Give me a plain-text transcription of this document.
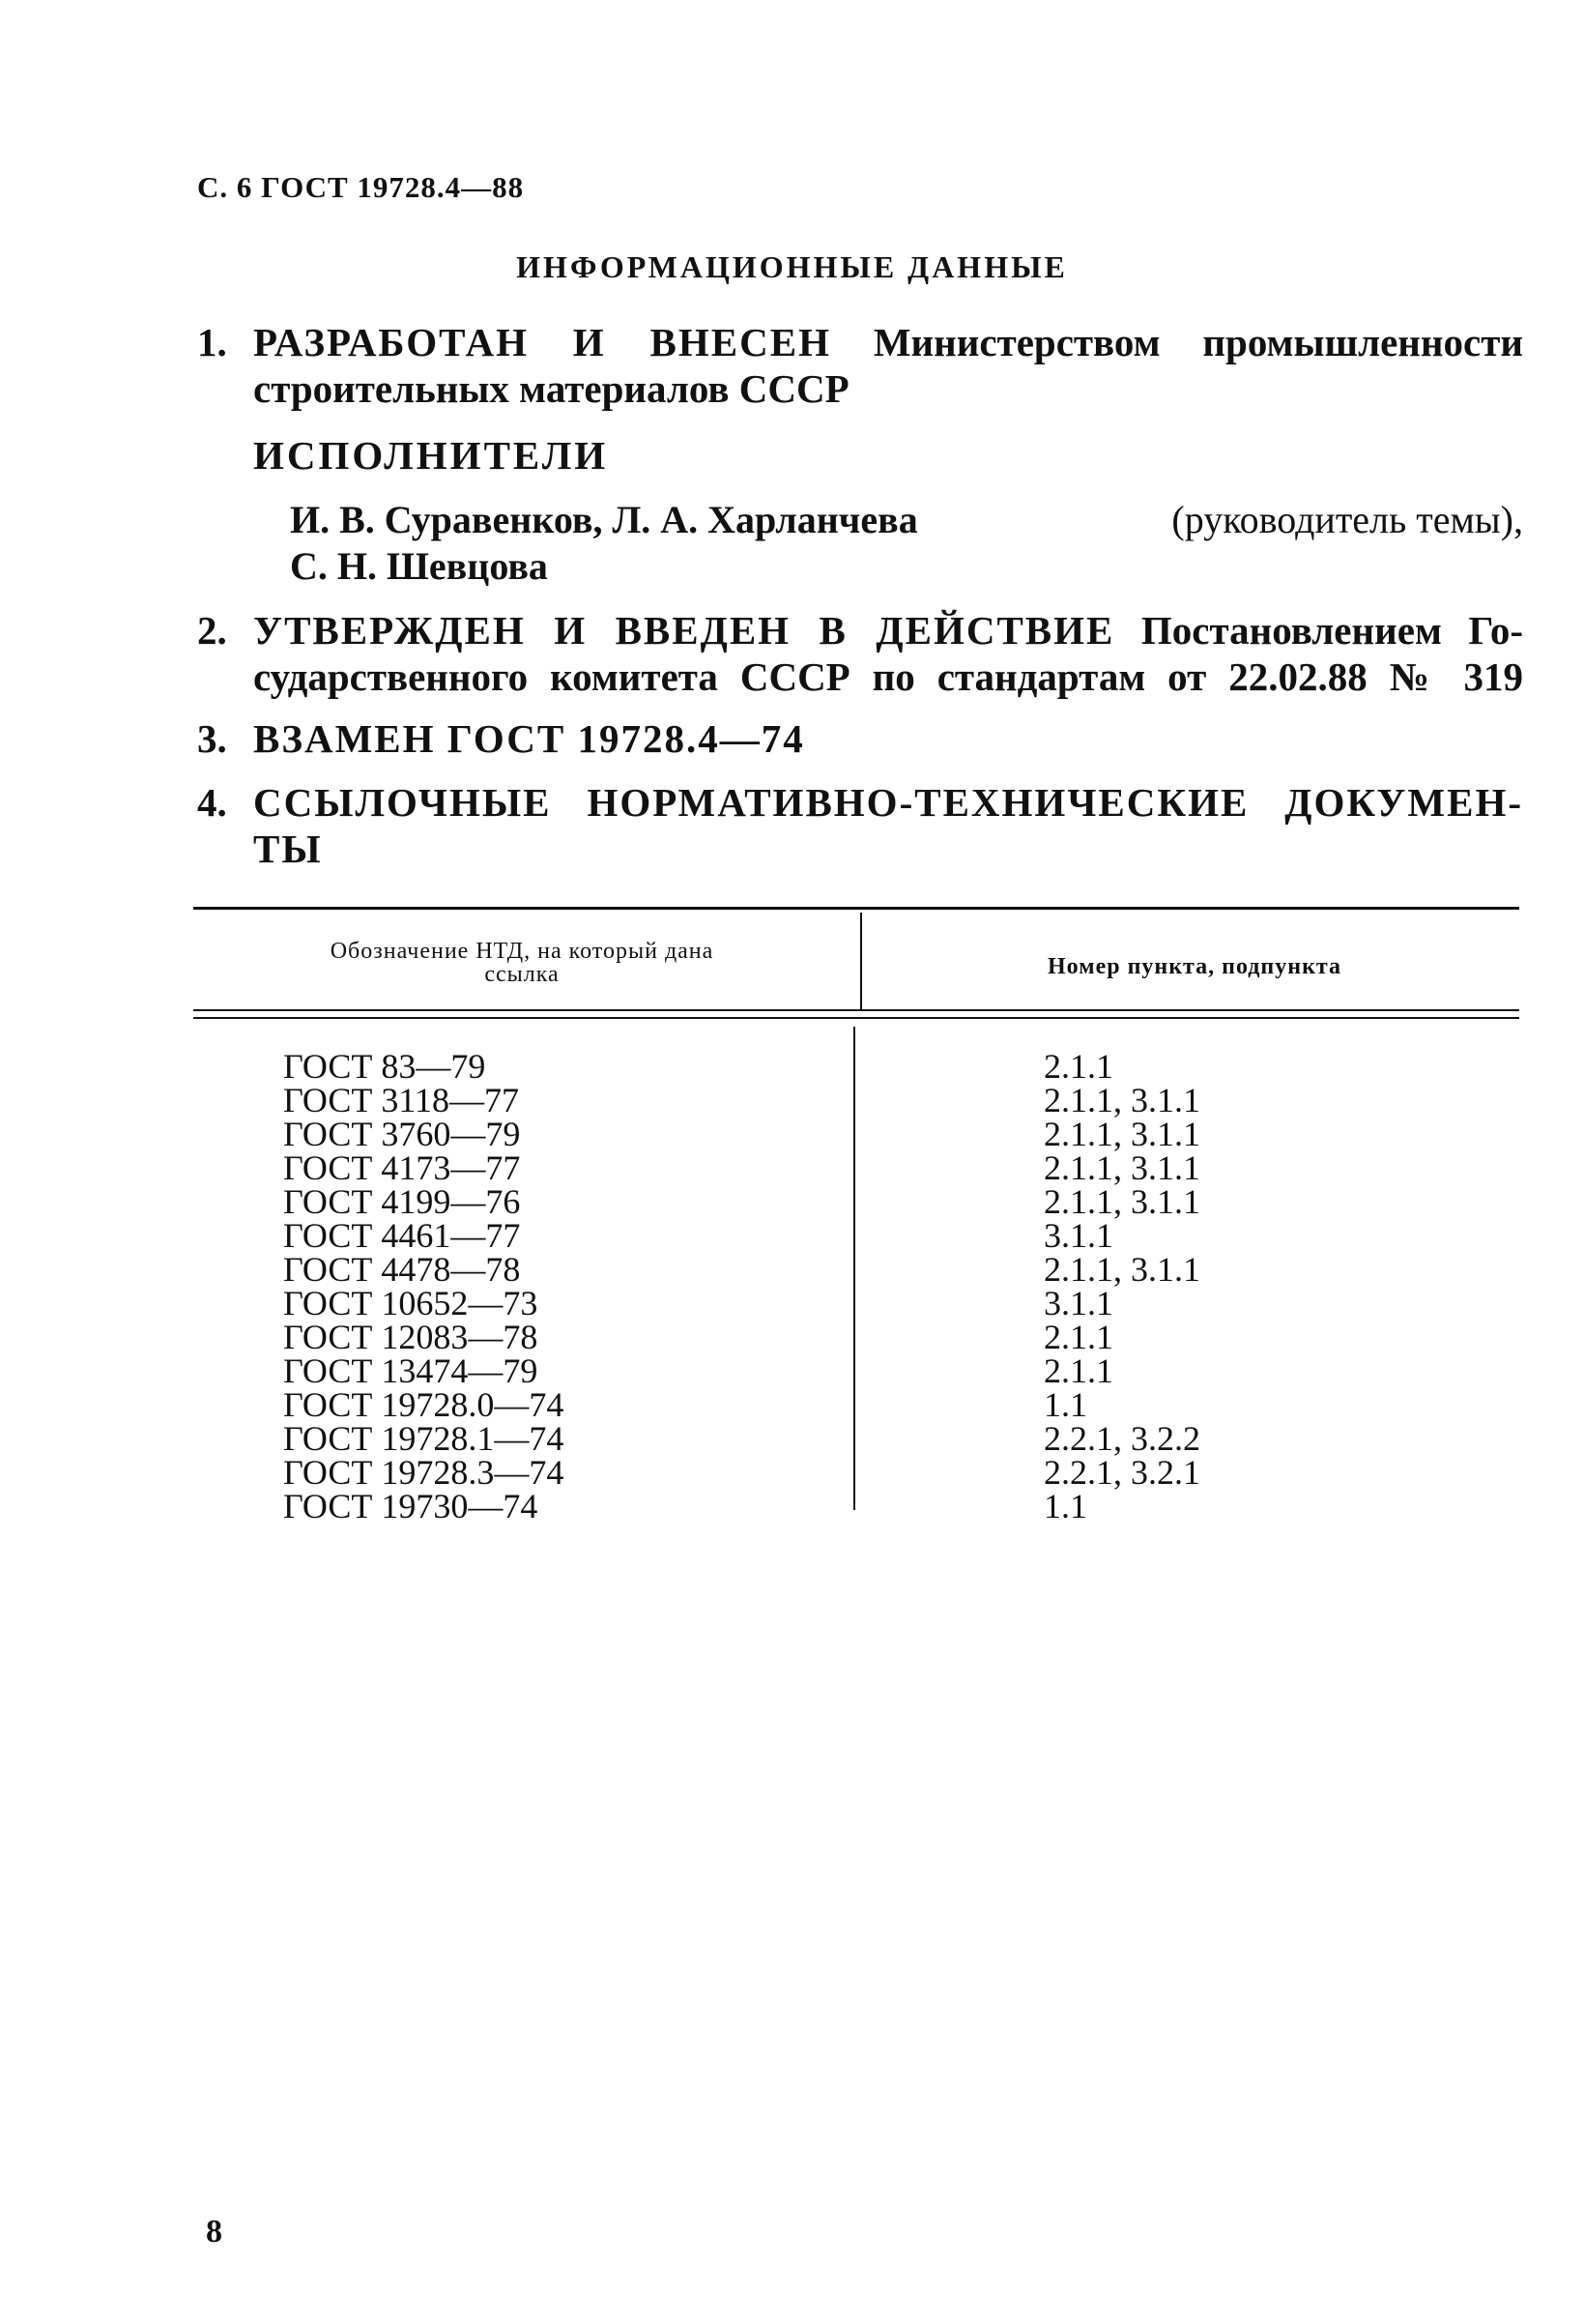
С. 6 ГОСТ 19728.4—88
ИНФОРМАЦИОННЫЕ ДАННЫЕ
1. РАЗРАБОТАН И ВНЕСЕН Министерством промышленности
строительных материалов СССР
ИСПОЛНИТЕЛИ
И. В. Суравенков, Л. А. Харланчева	(руководитель темы),
С. Н. Шевцова
2. УТВЕРЖДЕН И ВВЕДЕН В ДЕЙСТВИЕ Постановлением Го-
сударственного комитета СССР по стандартам от 22.02.88 № 319
3. ВЗАМЕН ГОСТ 19728.4—74
4. ССЫЛОЧНЫЕ НОРМАТИВНО-ТЕХНИЧЕСКИЕ ДОКУМЕН-
ТЫ
Обозначение НТД, на который дана
ссылка	Номер пункта, подпункта
ГОСТ 83—79	2.1.1
ГОСТ 3118—77	2.1.1, 3.1.1
ГОСТ 3760—79	2.1.1, 3.1.1
ГОСТ 4173—77	2.1.1, 3.1.1
ГОСТ 4199—76	2.1.1, 3.1.1
ГОСТ 4461—77	3.1.1
ГОСТ 4478—78	2.1.1, 3.1.1
ГОСТ 10652—73	3.1.1
ГОСТ 12083—78	2.1.1
ГОСТ 13474—79	2.1.1
ГОСТ 19728.0—74	1.1
ГОСТ 19728.1—74	2.2.1, 3.2.2
ГОСТ 19728.3—74	2.2.1, 3.2.1
ГОСТ 19730—74	1.1
8
